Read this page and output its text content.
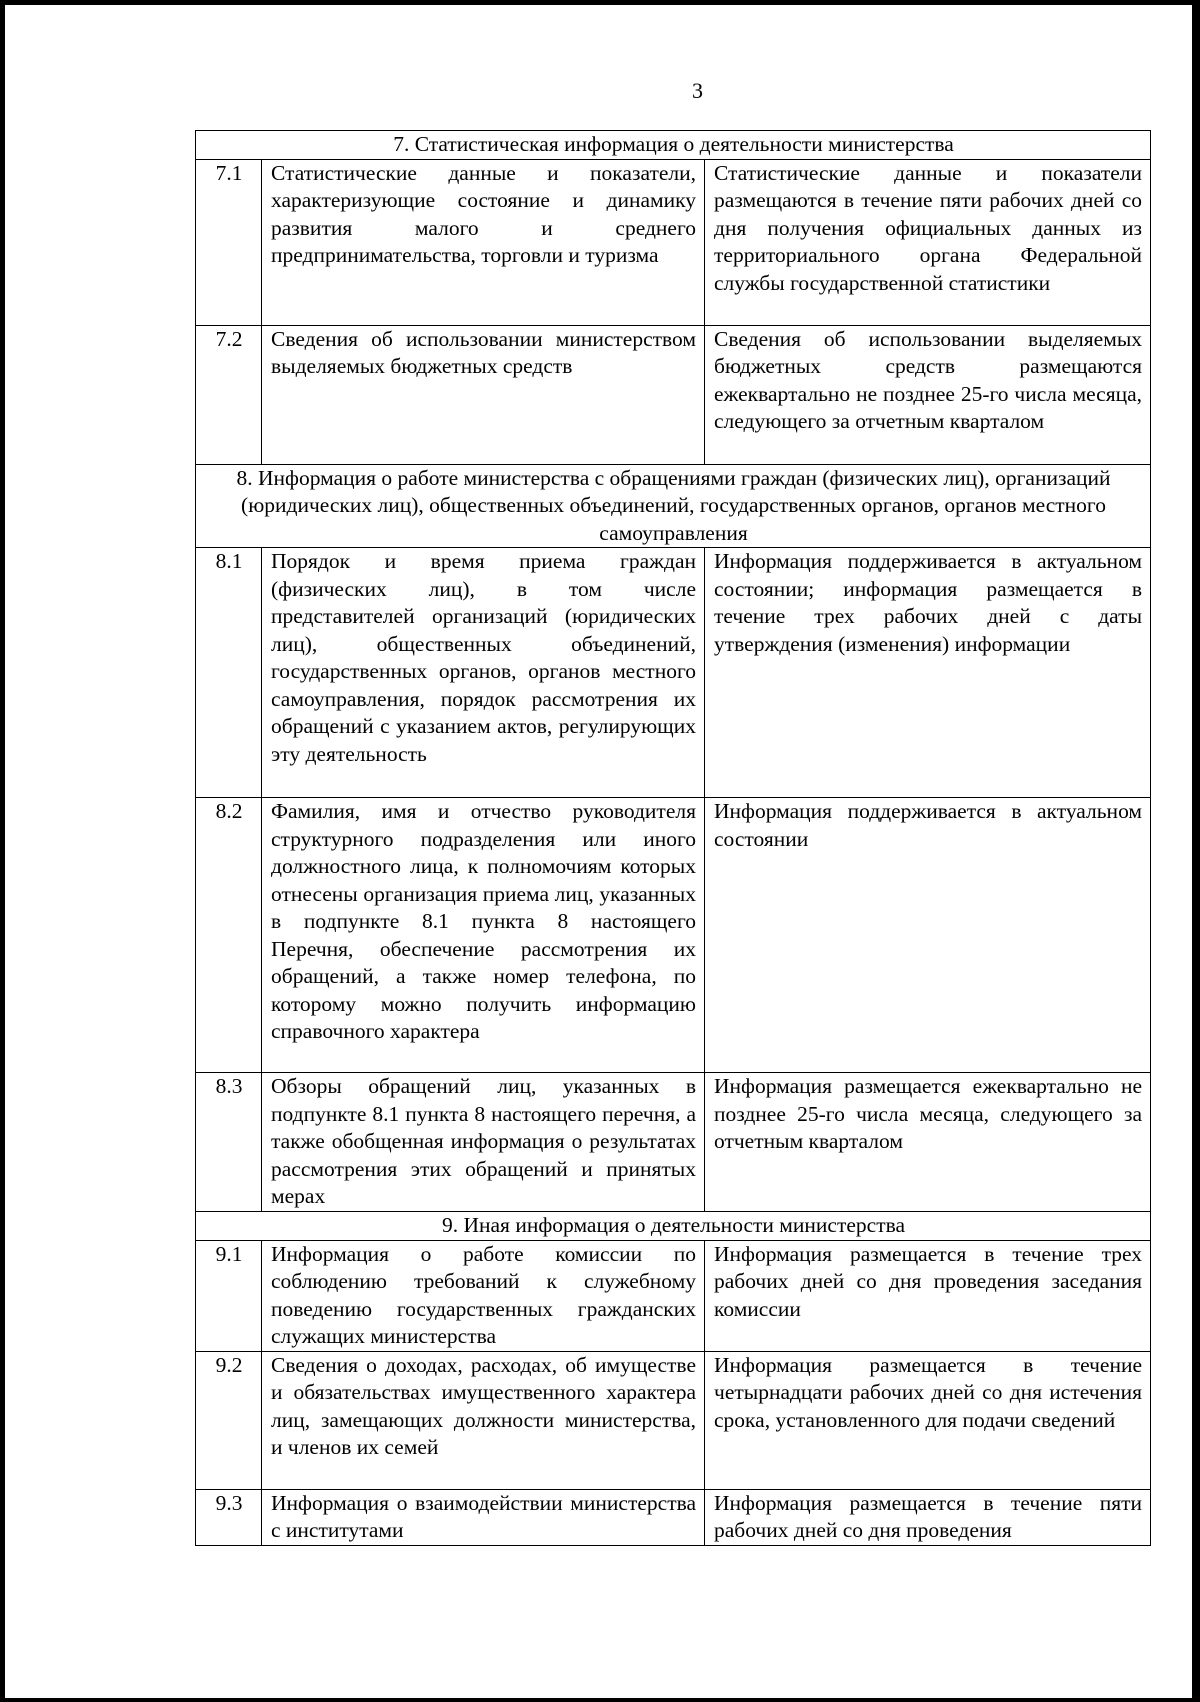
3
7. Статистическая информация о деятельности министерства		
7.1	Статистические данные и показатели, характеризующие состояние и динамику развития малого и среднего предпринимательства, торговли и туризма	Статистические данные и показатели размещаются в течение пяти рабочих дней со дня получения официальных данных из территориального органа Федеральной службы государственной статистики
7.2	Сведения об использовании министерством выделяемых бюджетных средств	Сведения об использовании выделяемых бюджетных средств размещаются ежеквартально не позднее 25-го числа месяца, следующего за отчетным кварталом
8. Информация о работе министерства с обращениями граждан (физических лиц), организаций (юридических лиц), общественных объединений, государственных органов, органов местного самоуправления		
8.1	Порядок и время приема граждан (физических лиц), в том числе представителей организаций (юридических лиц), общественных объединений, государственных органов, органов местного самоуправления, порядок рассмотрения их обращений с указанием актов, регулирующих эту деятельность	Информация поддерживается в актуальном состоянии; информация размещается в течение трех рабочих дней с даты утверждения (изменения) информации
8.2	Фамилия, имя и отчество руководителя структурного подразделения или иного должностного лица, к полномочиям которых отнесены организация приема лиц, указанных в подпункте 8.1 пункта 8 настоящего Перечня, обеспечение рассмотрения их обращений, а также номер телефона, по которому можно получить информацию справочного характера	Информация поддерживается в актуальном состоянии
8.3	Обзоры обращений лиц, указанных в подпункте 8.1 пункта 8 настоящего перечня, а также обобщенная информация о результатах рассмотрения этих обращений и принятых мерах	Информация размещается ежеквартально не позднее 25-го числа месяца, следующего за отчетным кварталом
9. Иная информация о деятельности министерства		
9.1	Информация о работе комиссии по соблюдению требований к служебному поведению государственных гражданских служащих министерства	Информация размещается в течение трех рабочих дней со дня проведения заседания комиссии
9.2	Сведения о доходах, расходах, об имуществе и обязательствах имущественного характера лиц, замещающих должности министерства, и членов их семей	Информация размещается в течение четырнадцати рабочих дней со дня истечения срока, установленного для подачи сведений
9.3	Информация о взаимодействии министерства с институтами	Информация размещается в течение пяти рабочих дней со дня проведения
